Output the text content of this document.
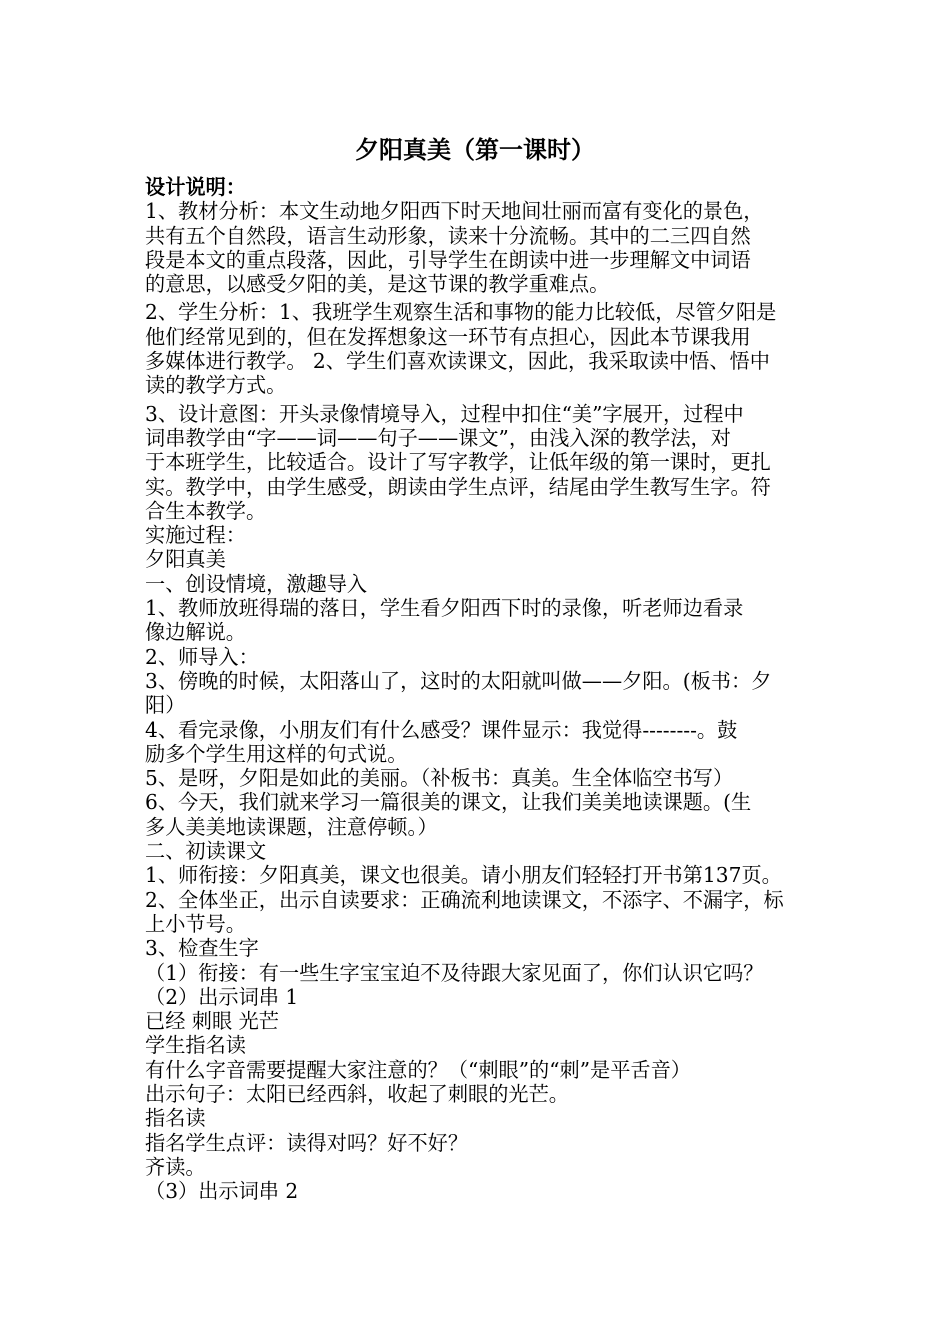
夕阳真美（第一课时）
设计说明：
1、教材分析：本文生动地夕阳西下时天地间壮丽而富有变化的景色，
共有五个自然段，语言生动形象，读来十分流畅。其中的二三四自然
段是本文的重点段落，因此，引导学生在朗读中进一步理解文中词语
的意思，以感受夕阳的美，是这节课的教学重难点。
2、学生分析：1、我班学生观察生活和事物的能力比较低，尽管夕阳是
他们经常见到的，但在发挥想象这一环节有点担心，因此本节课我用
多媒体进行教学。 2、学生们喜欢读课文，因此，我采取读中悟、悟中
读的教学方式。
3、设计意图：开头录像情境导入，过程中扣住“美”字展开，过程中
词串教学由“字——词——句子——课文”，由浅入深的教学法，对
于本班学生，比较适合。设计了写字教学，让低年级的第一课时，更扎
实。教学中，由学生感受，朗读由学生点评，结尾由学生教写生字。符
合生本教学。
实施过程：
夕阳真美
一、创设情境，激趣导入
1、教师放班得瑞的落日，学生看夕阳西下时的录像，听老师边看录
像边解说。
2、师导入：
3、傍晚的时候，太阳落山了，这时的太阳就叫做——夕阳。(板书：夕
阳）
4、看完录像，小朋友们有什么感受？课件显示：我觉得--------。鼓
励多个学生用这样的句式说。
5、是呀，夕阳是如此的美丽。（补板书：真美。生全体临空书写）
6、今天，我们就来学习一篇很美的课文，让我们美美地读课题。(生
多人美美地读课题，注意停顿。）
二、初读课文
1、师衔接：夕阳真美，课文也很美。请小朋友们轻轻打开书第137页。
2、全体坐正，出示自读要求：正确流利地读课文，不添字、不漏字，标
上小节号。
3、检查生字
（1）衔接：有一些生字宝宝迫不及待跟大家见面了，你们认识它吗？
（2）出示词串 1
已经 刺眼 光芒
学生指名读
有什么字音需要提醒大家注意的？（“刺眼”的“刺”是平舌音）
出示句子：太阳已经西斜，收起了刺眼的光芒。
指名读
指名学生点评：读得对吗？好不好？
齐读。
（3）出示词串 2
